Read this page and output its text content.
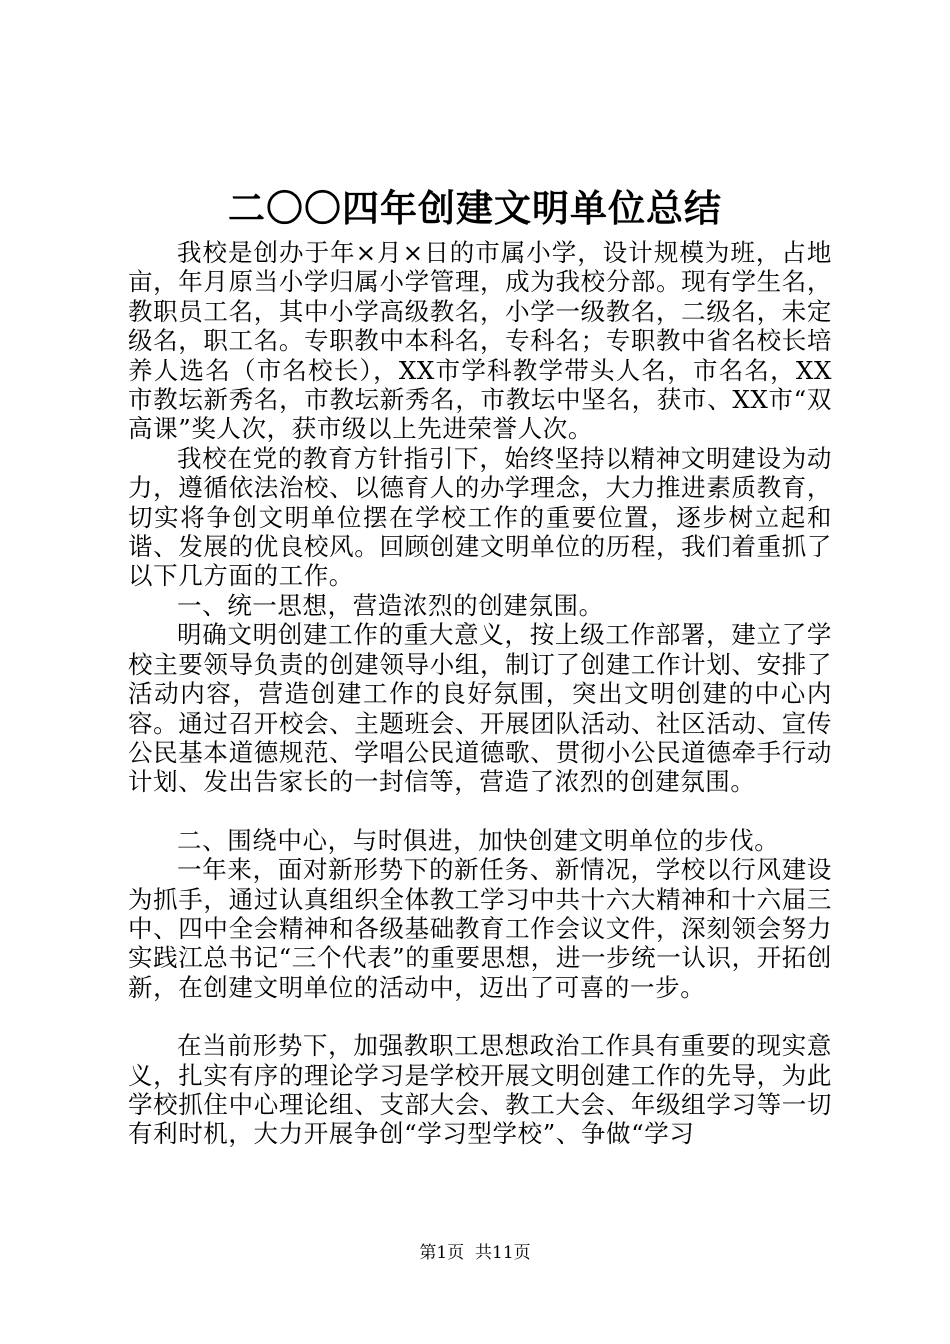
二〇〇四年创建文明单位总结

我校是创办于年×月×日的市属小学，设计规模为班，占地亩，年月原当小学归属小学管理，成为我校分部。现有学生名，教职员工名，其中小学高级教名，小学一级教名，二级名，未定级名，职工名。专职教中本科名，专科名；专职教中省名校长培养人选名（市名校长），XX市学科教学带头人名，市名名，XX市教坛新秀名，市教坛新秀名，市教坛中坚名，获市、XX市“双高课”奖人次，获市级以上先进荣誉人次。

我校在党的教育方针指引下，始终坚持以精神文明建设为动力，遵循依法治校、以德育人的办学理念，大力推进素质教育，切实将争创文明单位摆在学校工作的重要位置，逐步树立起和谐、发展的优良校风。回顾创建文明单位的历程，我们着重抓了以下几方面的工作。

一、统一思想，营造浓烈的创建氛围。

明确文明创建工作的重大意义，按上级工作部署，建立了学校主要领导负责的创建领导小组，制订了创建工作计划、安排了活动内容，营造创建工作的良好氛围，突出文明创建的中心内容。通过召开校会、主题班会、开展团队活动、社区活动、宣传公民基本道德规范、学唱公民道德歌、贯彻小公民道德牵手行动计划、发出告家长的一封信等，营造了浓烈的创建氛围。

二、围绕中心，与时俱进，加快创建文明单位的步伐。

一年来，面对新形势下的新任务、新情况，学校以行风建设为抓手，通过认真组织全体教工学习中共十六大精神和十六届三中、四中全会精神和各级基础教育工作会议文件，深刻领会努力实践江总书记“三个代表”的重要思想，进一步统一认识，开拓创新，在创建文明单位的活动中，迈出了可喜的一步。

在当前形势下，加强教职工思想政治工作具有重要的现实意义，扎实有序的理论学习是学校开展文明创建工作的先导，为此学校抓住中心理论组、支部大会、教工大会、年级组学习等一切有利时机，大力开展争创“学习型学校”、争做“学习

第1页 共11页
